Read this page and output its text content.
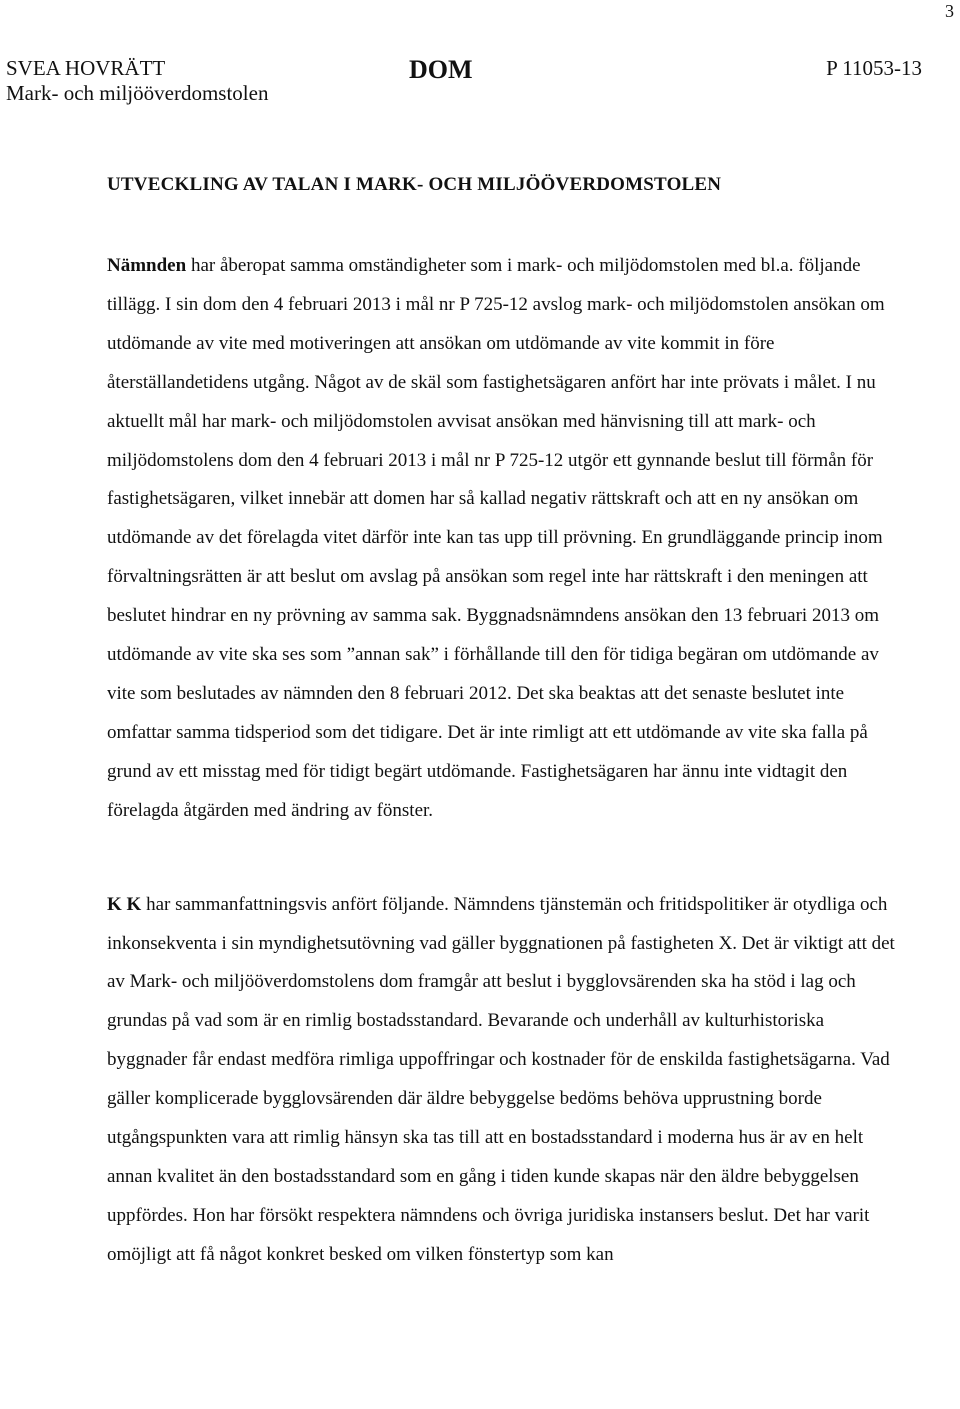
3
SVEA HOVRÄTT
Mark- och miljööverdomstolen
DOM	P 11053-13
UTVECKLING AV TALAN I MARK- OCH MILJÖÖVERDOMSTOLEN

Nämnden har åberopat samma omständigheter som i mark- och miljödomstolen med bl.a. följande tillägg. I sin dom den 4 februari 2013 i mål nr P 725-12 avslog mark- och miljödomstolen ansökan om utdömande av vite med motiveringen att ansökan om utdömande av vite kommit in före återställandetidens utgång. Något av de skäl som fastighetsägaren anfört har inte prövats i målet. I nu aktuellt mål har mark- och miljödomstolen avvisat ansökan med hänvisning till att mark- och miljödomstolens dom den 4 februari 2013 i mål nr P 725-12 utgör ett gynnande beslut till förmån för fastighetsägaren, vilket innebär att domen har så kallad negativ rättskraft och att en ny ansökan om utdömande av det förelagda vitet därför inte kan tas upp till prövning. En grundläggande princip inom förvaltningsrätten är att beslut om avslag på ansökan som regel inte har rättskraft i den meningen att beslutet hindrar en ny prövning av samma sak. Byggnadsnämndens ansökan den 13 februari 2013 om utdömande av vite ska ses som ”annan sak” i förhållande till den för tidiga begäran om utdömande av vite som beslutades av nämnden den 8 februari 2012. Det ska beaktas att det senaste beslutet inte omfattar samma tidsperiod som det tidigare. Det är inte rimligt att ett utdömande av vite ska falla på grund av ett misstag med för tidigt begärt utdömande. Fastighetsägaren har ännu inte vidtagit den förelagda åtgärden med ändring av fönster.

K K har sammanfattningsvis anfört följande. Nämndens tjänstemän och fritidspolitiker är otydliga och inkonsekventa i sin myndighetsutövning vad gäller byggnationen på fastigheten X. Det är viktigt att det av Mark- och miljööverdomstolens dom framgår att beslut i bygglovsärenden ska ha stöd i lag och grundas på vad som är en rimlig bostadsstandard. Bevarande och underhåll av kulturhistoriska byggnader får endast medföra rimliga uppoffringar och kostnader för de enskilda fastighetsägarna. Vad gäller komplicerade bygglovsärenden där äldre bebyggelse bedöms behöva upprustning borde utgångspunkten vara att rimlig hänsyn ska tas till att en bostadsstandard i moderna hus är av en helt annan kvalitet än den bostadsstandard som en gång i tiden kunde skapas när den äldre bebyggelsen uppfördes. Hon har försökt respektera nämndens och övriga juridiska instansers beslut. Det har varit omöjligt att få något konkret besked om vilken fönstertyp som kan
